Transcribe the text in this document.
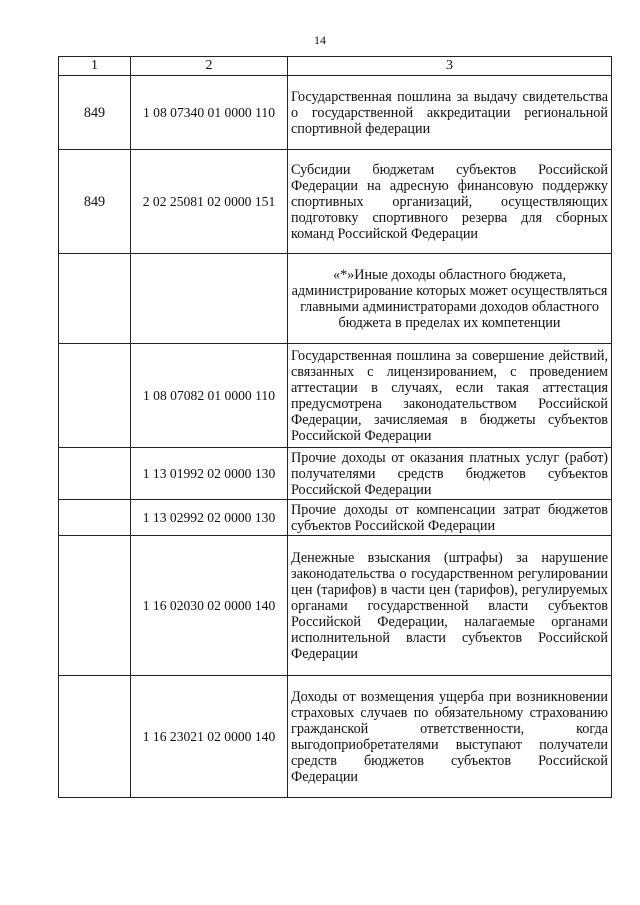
14
1	2	3
849	1 08 07340 01 0000 110	Государственная пошлина за выдачу свидетельства о государственной аккредитации региональной спортивной федерации
849	2 02 25081 02 0000 151	Субсидии бюджетам субъектов Российской Федерации на адресную финансовую поддержку спортивных организаций, осуществляющих подготовку спортивного резерва для сборных команд Российской Федерации
		«*»Иные доходы областного бюджета, администрирование которых может осуществляться главными администраторами доходов областного бюджета в пределах их компетенции
	1 08 07082 01 0000 110	Государственная пошлина за совершение действий, связанных с лицензированием, с проведением аттестации в случаях, если такая аттестация предусмотрена законодательством Российской Федерации, зачисляемая в бюджеты субъектов Российской Федерации
	1 13 01992 02 0000 130	Прочие доходы от оказания платных услуг (работ) получателями средств бюджетов субъектов Российской Федерации
	1 13 02992 02 0000 130	Прочие доходы от компенсации затрат бюджетов субъектов Российской Федерации
	1 16 02030 02 0000 140	Денежные взыскания (штрафы) за нарушение законодательства о государственном регулировании цен (тарифов) в части цен (тарифов), регулируемых органами государственной власти субъектов Российской Федерации, налагаемые органами исполнительной власти субъектов Российской Федерации
	1 16 23021 02 0000 140	Доходы от возмещения ущерба при возникновении страховых случаев по обязательному страхованию гражданской ответственности, когда выгодоприобретателями выступают получатели средств бюджетов субъектов Российской Федерации
